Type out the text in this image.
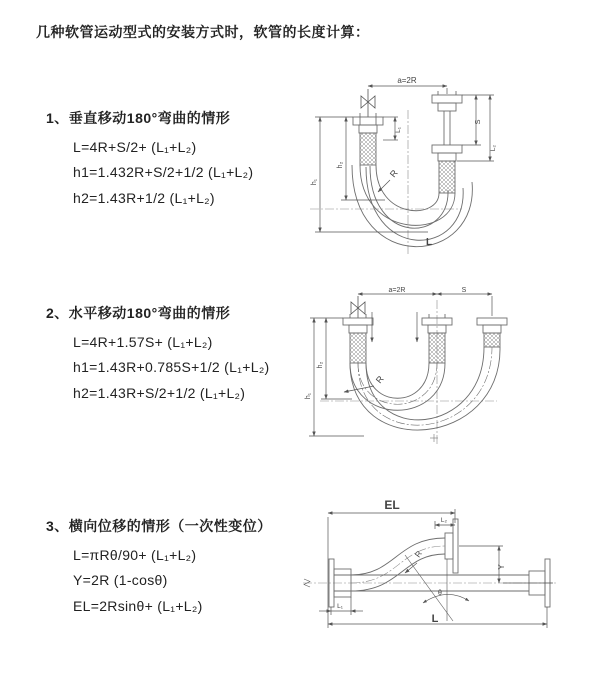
几种软管运动型式的安装方式时，软管的长度计算：
1、垂直移动180°弯曲的情形
L=4R+S/2+ (L₁+L₂)
h1=1.432R+S/2+1/2 (L₁+L₂)
h2=1.43R+1/2 (L₁+L₂)
2、水平移动180°弯曲的情形
L=4R+1.57S+ (L₁+L₂)
h1=1.43R+0.785S+1/2 (L₁+L₂)
h2=1.43R+S/2+1/2 (L₁+L₂)
3、横向位移的情形（一次性变位）
L=πRθ/90+ (L₁+L₂)
Y=2R (1-cosθ)
EL=2Rsinθ+ (L₁+L₂)
a=2R
S
L₁
L₂
h₁
h₂
R
L
a=2R	S
h₁
h₂
R
EL
L₂
Y
R
θ
L
L₁
